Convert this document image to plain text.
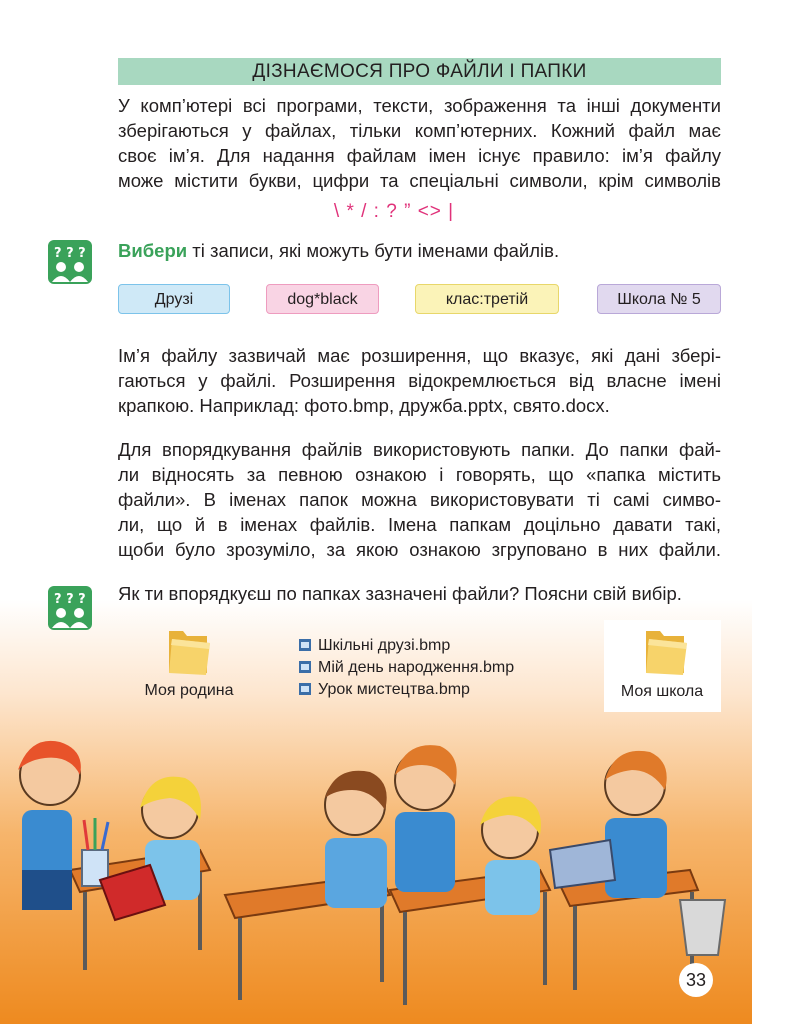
ДІЗНАЄМОСЯ ПРО ФАЙЛИ І ПАПКИ
У комп’ютері всі програми, тексти, зображення та інші документи
зберігаються у файлах, тільки комп’ютерних. Кожний файл має
своє ім’я. Для надання файлам імен існує правило: ім’я файлу
може містити букви, цифри та спеціальні символи, крім символів
\ * / : ? ” <> |
? ? ? Вибери ті записи, які можуть бути іменами файлів.
Друзі	dog*black	клас:третій	Школа № 5
Ім’я файлу зазвичай має розширення, що вказує, які дані збері-
гаються у файлі. Розширення відокремлюється від власне імені
крапкою. Наприклад: фото.bmp, дружба.pptx, свято.docx.
Для впорядкування файлів використовують папки. До папки фай-
ли відносять за певною ознакою і говорять, що «папка містить
файли». В іменах папок можна використовувати ті самі симво-
ли, що й в іменах файлів. Імена папкам доцільно давати такі,
щоби було зрозуміло, за якою ознакою згруповано в них файли.
? ? ? Як ти впорядкуєш по папках зазначені файли? Поясни свій вибір.
Моя родина
Шкільні друзі.bmp
Мій день народження.bmp
Урок мистецтва.bmp	Моя школа
33
